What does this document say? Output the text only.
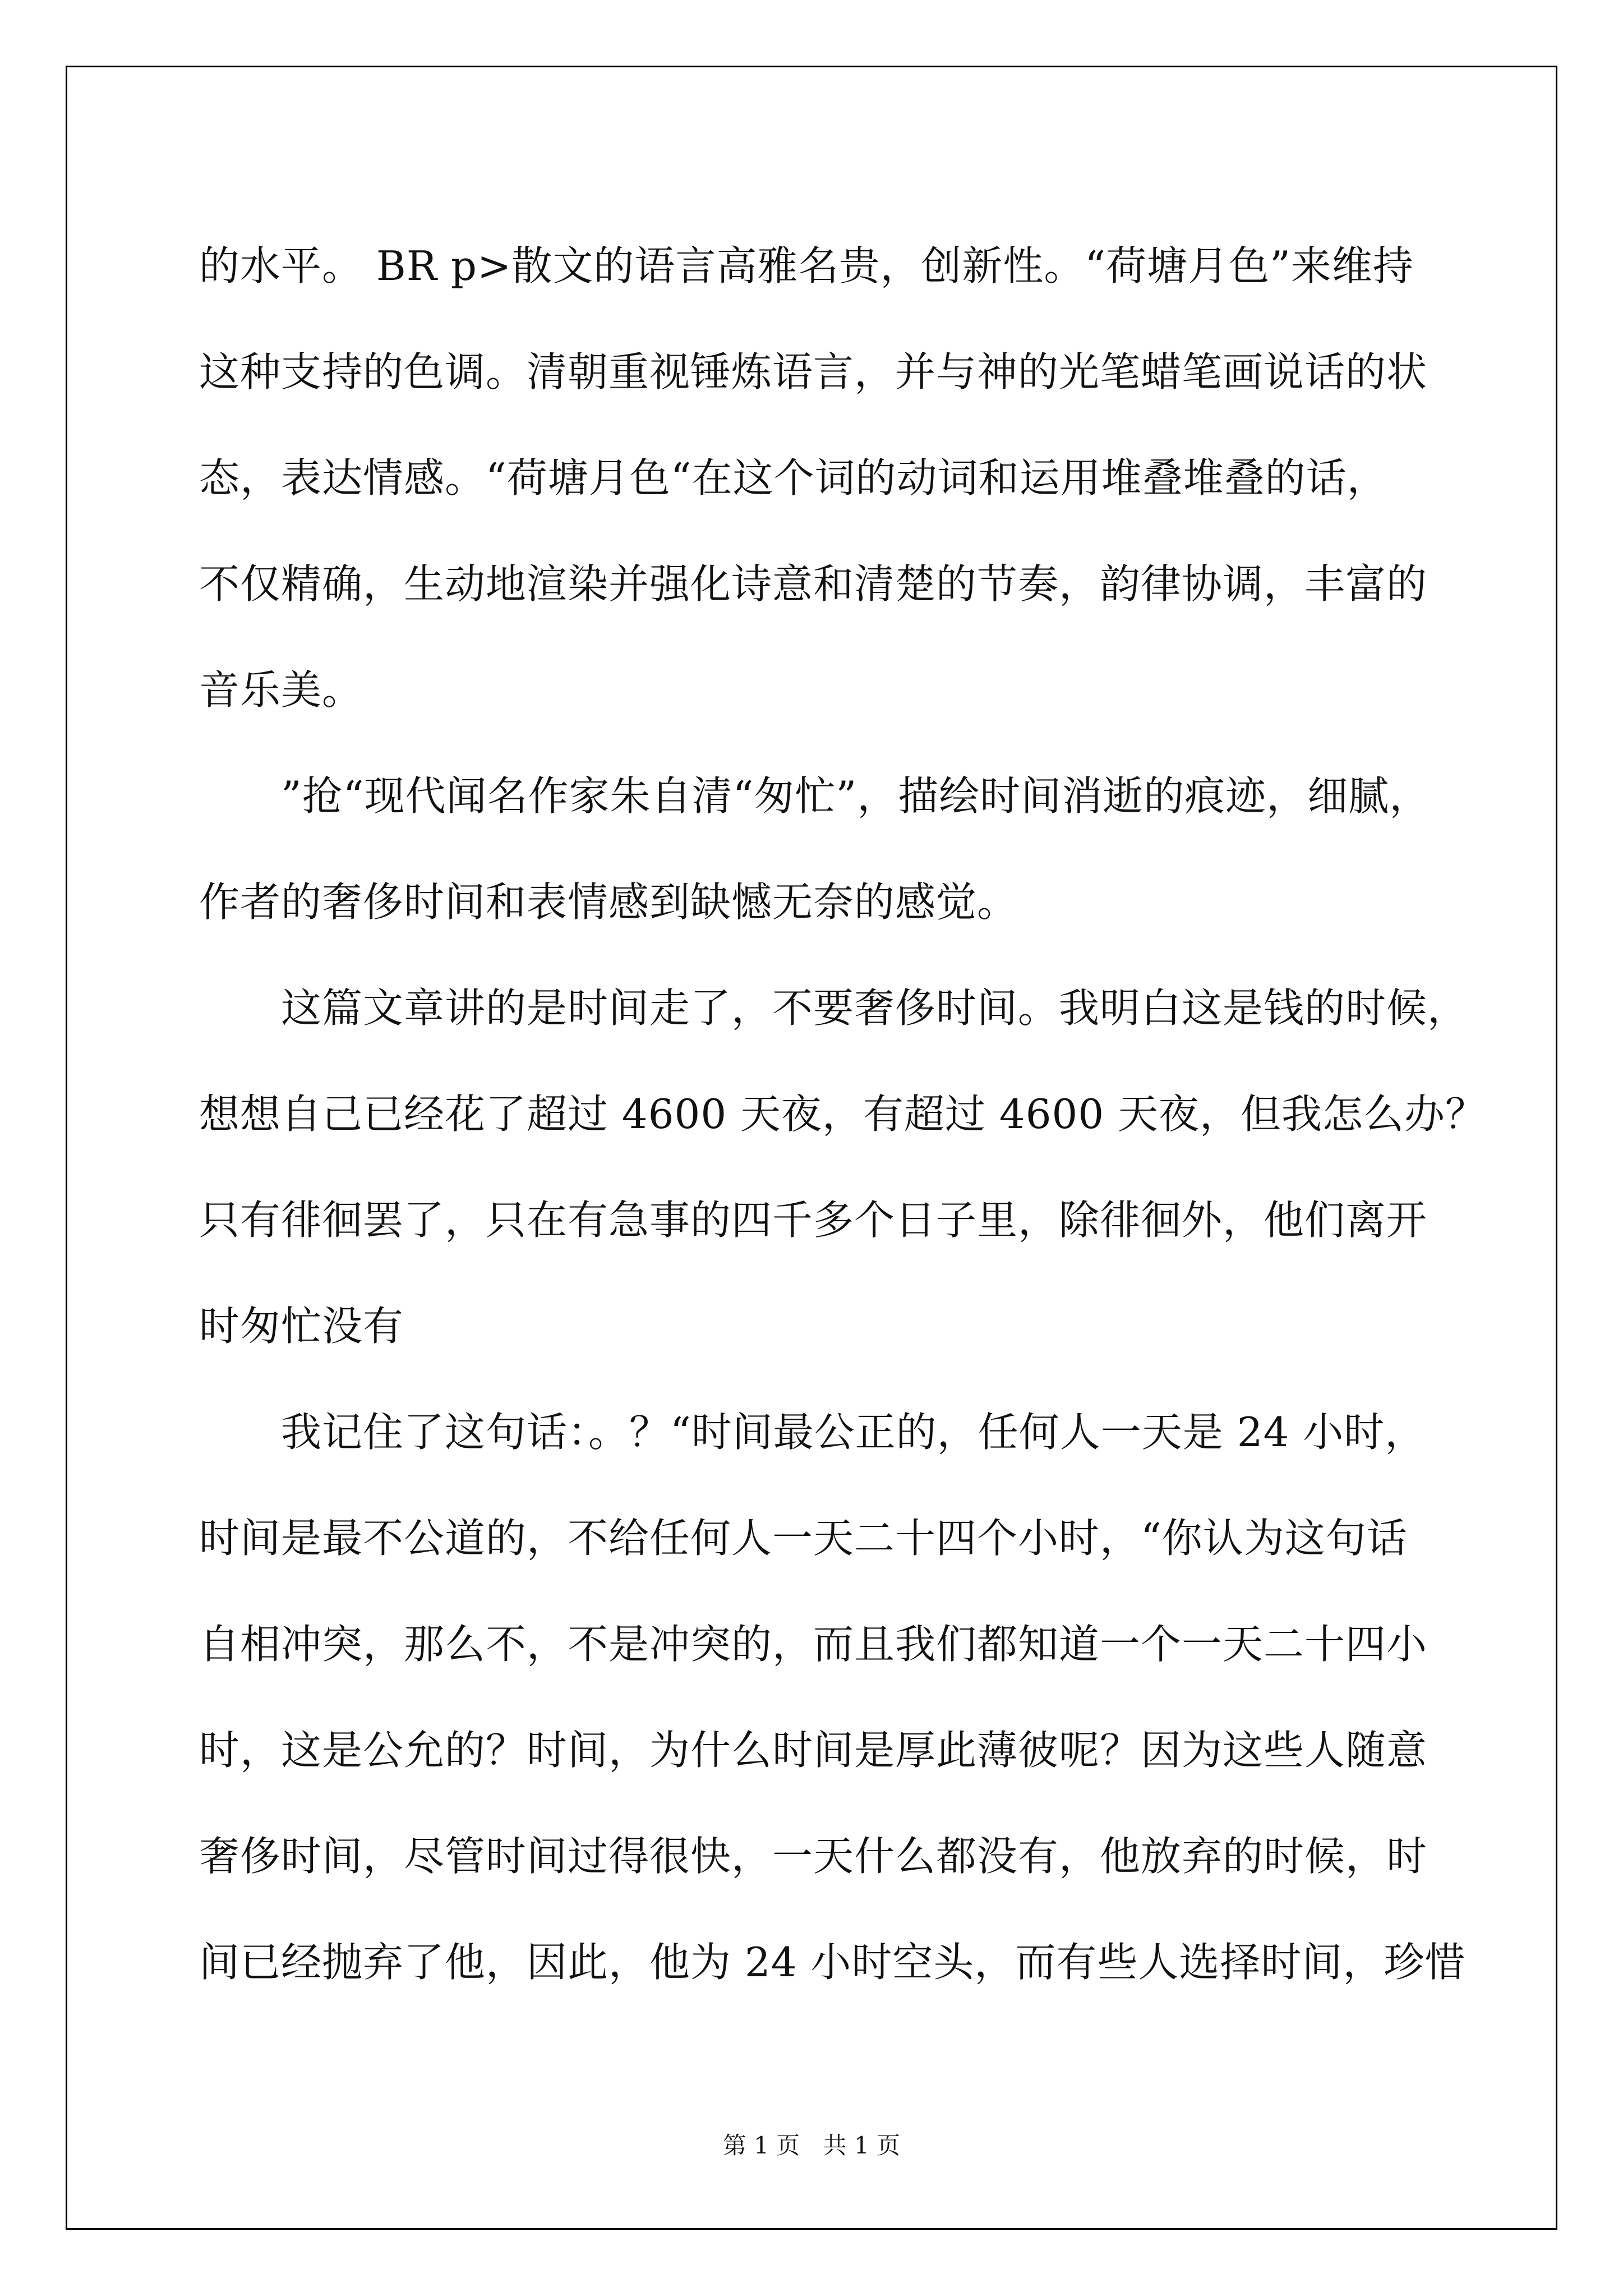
的水平。 BR p>散文的语言高雅名贵，创新性。“荷塘月色”来维持
这种支持的色调。清朝重视锤炼语言，并与神的光笔蜡笔画说话的状
态，表达情感。“荷塘月色“在这个词的动词和运用堆叠堆叠的话，
不仅精确，生动地渲染并强化诗意和清楚的节奏，韵律协调，丰富的
音乐美。

”抢“现代闻名作家朱自清“匆忙”，描绘时间消逝的痕迹，细腻，
作者的奢侈时间和表情感到缺憾无奈的感觉。

这篇文章讲的是时间走了，不要奢侈时间。我明白这是钱的时候，
想想自己已经花了超过 4600 天夜，有超过 4600 天夜，但我怎么办？
只有徘徊罢了，只在有急事的四千多个日子里，除徘徊外，他们离开
时匆忙没有

我记住了这句话：。？“时间最公正的，任何人一天是 24 小时，
时间是最不公道的，不给任何人一天二十四个小时，“你认为这句话
自相冲突，那么不，不是冲突的，而且我们都知道一个一天二十四小
时，这是公允的？时间，为什么时间是厚此薄彼呢？因为这些人随意
奢侈时间，尽管时间过得很快，一天什么都没有，他放弃的时候，时
间已经抛弃了他，因此，他为 24 小时空头，而有些人选择时间，珍惜

第 1 页 共 1 页
